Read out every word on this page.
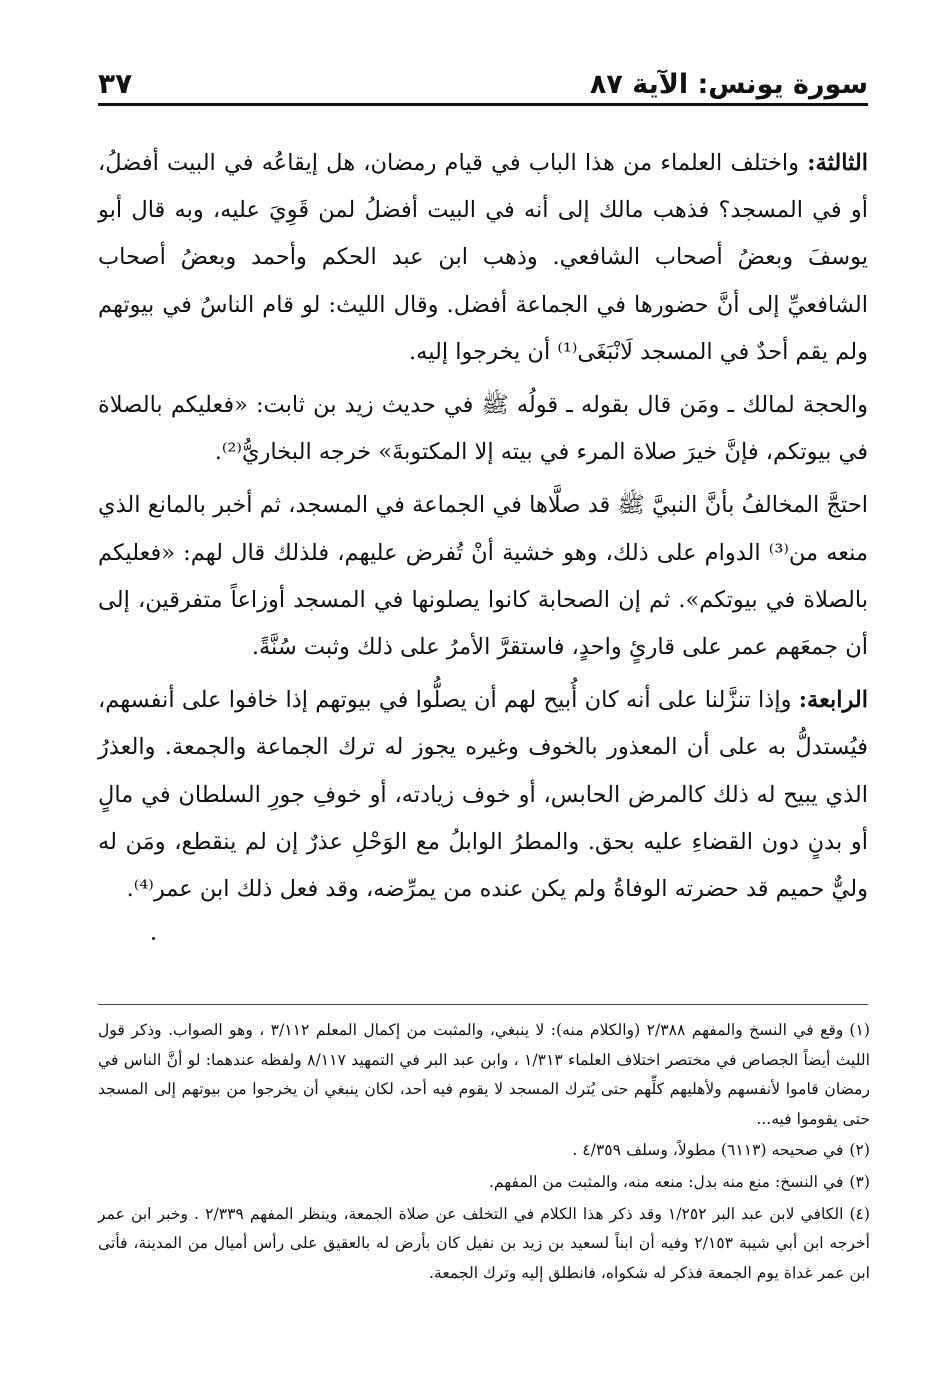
سورة يونس: الآية ٨٧
٣٧

الثالثة: واختلف العلماء من هذا الباب في قيام رمضان، هل إيقاعُه في البيت أفضلُ، أو في المسجد؟ فذهب مالك إلى أنه في البيت أفضلُ لمن قَوِيَ عليه، وبه قال أبو يوسفَ وبعضُ أصحاب الشافعي. وذهب ابن عبد الحكم وأحمد وبعضُ أصحاب الشافعيِّ إلى أنَّ حضورها في الجماعة أفضل. وقال الليث: لو قام الناسُ في بيوتهم ولم يقم أحدٌ في المسجد لَانْبَغَى⁽¹⁾ أن يخرجوا إليه.

والحجة لمالك ـ ومَن قال بقوله ـ قولُه ﷺ في حديث زيد بن ثابت: «فعليكم بالصلاة في بيوتكم، فإنَّ خيرَ صلاة المرء في بيته إلا المكتوبةَ» خرجه البخاريُّ⁽²⁾.

احتجَّ المخالفُ بأنَّ النبيَّ ﷺ قد صلَّاها في الجماعة في المسجد، ثم أخبر بالمانع الذي منعه من⁽³⁾ الدوام على ذلك، وهو خشية أنْ تُفرض عليهم، فلذلك قال لهم: «فعليكم بالصلاة في بيوتكم». ثم إن الصحابة كانوا يصلونها في المسجد أوزاعاً متفرقين، إلى أن جمعَهم عمر على قارئٍ واحدٍ، فاستقرَّ الأمرُ على ذلك وثبت سُنَّةً.

الرابعة: وإذا تنزَّلنا على أنه كان أُبيح لهم أن يصلُّوا في بيوتهم إذا خافوا على أنفسهم، فيُستدلُّ به على أن المعذور بالخوف وغيره يجوز له ترك الجماعة والجمعة. والعذرُ الذي يبيح له ذلك كالمرض الحابس، أو خوف زيادته، أو خوفِ جورِ السلطان في مالٍ أو بدنٍ دون القضاءِ عليه بحق. والمطرُ الوابلُ مع الوَحْلِ عذرٌ إن لم ينقطع، ومَن له وليٌّ حميم قد حضرته الوفاةُ ولم يكن عنده من يمرِّضه، وقد فعل ذلك ابن عمر⁽⁴⁾.

(١)وقع في النسخ والمفهم ٢/٣٨٨ (والكلام منه): لا ينبغي، والمثبت من إكمال المعلم ٣/١١٢ ، وهو الصواب. وذكر قول الليث أيضاً الجصاص في مختصر اختلاف العلماء ١/٣١٣ ، وابن عبد البر في التمهيد ٨/١١٧ ولفظه عندهما: لو أنَّ الناس في رمضان قاموا لأنفسهم ولأهليهم كلِّهم حتى يُترك المسجد لا يقوم فيه أحد، لكان ينبغي أن يخرجوا من بيوتهم إلى المسجد حتى يقوموا فيه...

(٢)في صحيحه (٦١١٣) مطولاً، وسلف ٤/٣٥٩ .

(٣)في النسخ: منع منه بدل: منعه منه، والمثبت من المفهم.

(٤)الكافي لابن عبد البر ١/٢٥٢ وقد ذكر هذا الكلام في التخلف عن صلاة الجمعة، وينظر المفهم ٢/٣٣٩ . وخبر ابن عمر أخرجه ابن أبي شيبة ٢/١٥٣ وفيه أن ابناً لسعيد بن زيد بن نفيل كان بأرض له بالعقيق على رأس أميال من المدينة، فأتى ابن عمر غداة يوم الجمعة فذكر له شكواه، فانطلق إليه وترك الجمعة.
